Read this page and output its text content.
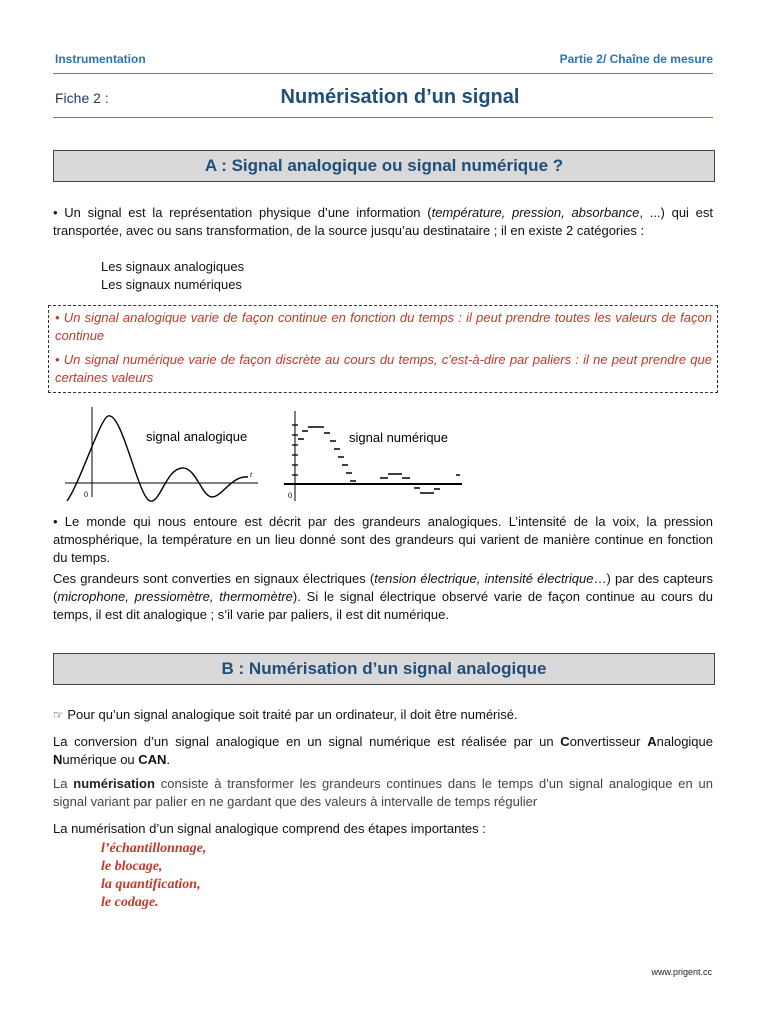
Instrumentation	Partie 2/ Chaîne de mesure
Fiche 2 :	Numérisation d’un signal
A : Signal analogique ou signal numérique ?
• Un signal est la représentation physique d’une information (température, pression, absorbance, ...) qui est transportée, avec ou sans transformation, de la source jusqu’au destinataire ; il en existe 2 catégories :
Les signaux analogiques
Les signaux numériques
• Un signal analogique varie de façon continue en fonction du temps : il peut prendre toutes les valeurs de façon continue
• Un signal numérique varie de façon discrète au cours du temps, c'est-à-dire par paliers : il ne peut prendre que certaines valeurs
0
t
signal analogique
0
signal numérique
• Le monde qui nous entoure est décrit par des grandeurs analogiques. L’intensité de la voix, la pression atmosphérique, la température en un lieu donné sont des grandeurs qui varient de manière continue en fonction du temps.
Ces grandeurs sont converties en signaux électriques (tension électrique, intensité électrique…) par des capteurs (microphone, pressiomètre, thermomètre). Si le signal électrique observé varie de façon continue au cours du temps, il est dit analogique ; s’il varie par paliers, il est dit numérique.
B : Numérisation d’un signal analogique
☞ Pour qu’un signal analogique soit traité par un ordinateur, il doit être numérisé.
La conversion d’un signal analogique en un signal numérique est réalisée par un Convertisseur Analogique Numérique ou CAN.
La numérisation consiste à transformer les grandeurs continues dans le temps d'un signal analogique en un signal variant par palier en ne gardant que des valeurs à intervalle de temps régulier
La numérisation d’un signal analogique comprend des étapes importantes :
l’échantillonnage,
le blocage,
la quantification,
le codage.
www.prigent.cc
